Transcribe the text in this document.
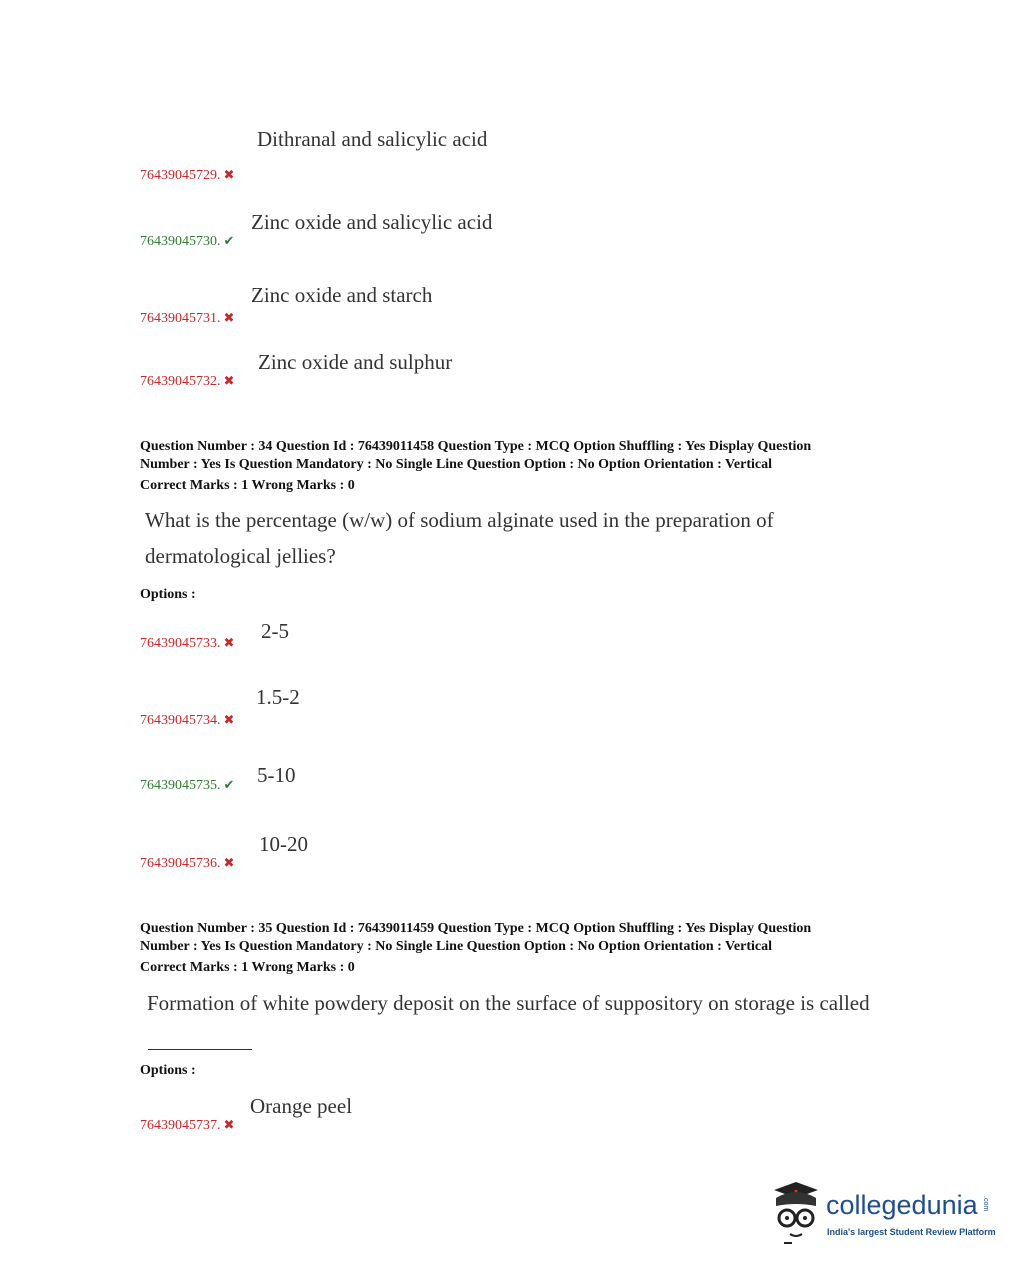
Dithranal and salicylic acid
76439045729. ✖
Zinc oxide and salicylic acid
76439045730. ✔
Zinc oxide and starch
76439045731. ✖
Zinc oxide and sulphur
76439045732. ✖
Question Number : 34 Question Id : 76439011458 Question Type : MCQ Option Shuffling : Yes Display Question
Number : Yes Is Question Mandatory : No Single Line Question Option : No Option Orientation : Vertical
Correct Marks : 1 Wrong Marks : 0
What is the percentage (w/w) of sodium alginate used in the preparation of
dermatological jellies?
Options :
2-5
76439045733. ✖
1.5-2
76439045734. ✖
5-10
76439045735. ✔
10-20
76439045736. ✖
Question Number : 35 Question Id : 76439011459 Question Type : MCQ Option Shuffling : Yes Display Question
Number : Yes Is Question Mandatory : No Single Line Question Option : No Option Orientation : Vertical
Correct Marks : 1 Wrong Marks : 0
Formation of white powdery deposit on the surface of suppository on storage is called
Options :
Orange peel
76439045737. ✖
collegedunia .com
India's largest Student Review Platform
